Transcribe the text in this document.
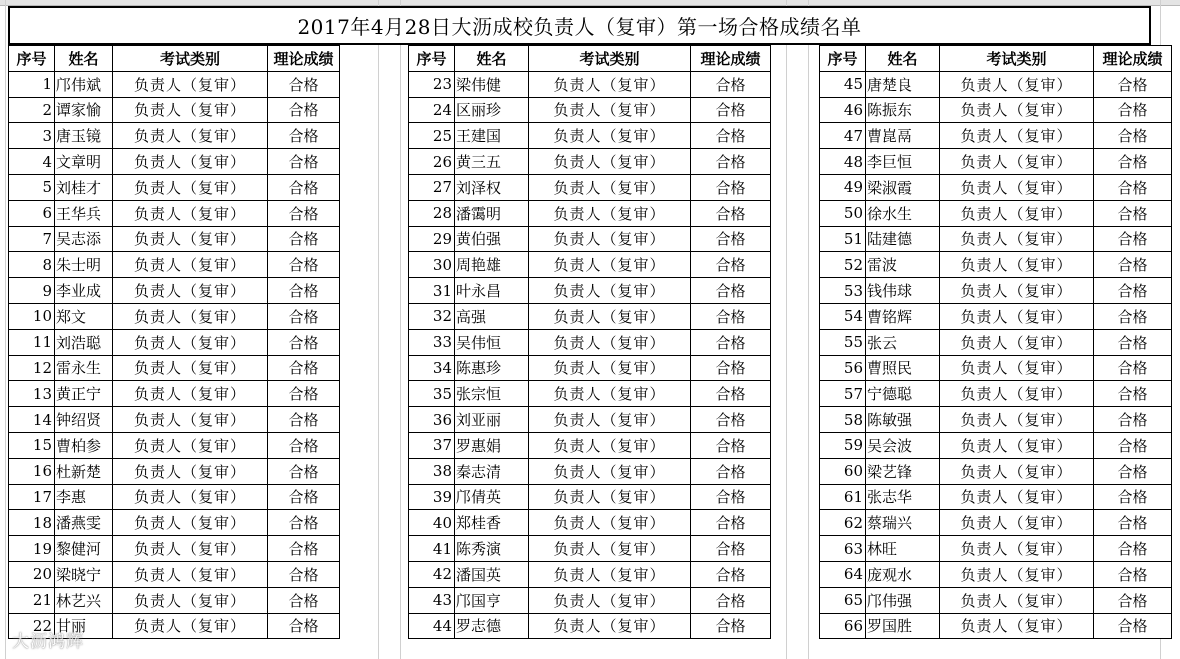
2017年4月28日大沥成校负责人（复审）第一场合格成绩名单
序号	姓名	考试类别	理论成绩
1	邝伟斌	负责人（复审）	合格
2	谭家愉	负责人（复审）	合格
3	唐玉镜	负责人（复审）	合格
4	文章明	负责人（复审）	合格
5	刘桂才	负责人（复审）	合格
6	王华兵	负责人（复审）	合格
7	吴志添	负责人（复审）	合格
8	朱士明	负责人（复审）	合格
9	李业成	负责人（复审）	合格
10	郑文	负责人（复审）	合格
11	刘浩聪	负责人（复审）	合格
12	雷永生	负责人（复审）	合格
13	黄正宁	负责人（复审）	合格
14	钟绍贤	负责人（复审）	合格
15	曹柏参	负责人（复审）	合格
16	杜新楚	负责人（复审）	合格
17	李惠	负责人（复审）	合格
18	潘燕雯	负责人（复审）	合格
19	黎健河	负责人（复审）	合格
20	梁晓宁	负责人（复审）	合格
21	林艺兴	负责人（复审）	合格
22	甘丽	负责人（复审）	合格
序号	姓名	考试类别	理论成绩
23	梁伟健	负责人（复审）	合格
24	区丽珍	负责人（复审）	合格
25	王建国	负责人（复审）	合格
26	黄三五	负责人（复审）	合格
27	刘泽权	负责人（复审）	合格
28	潘霭明	负责人（复审）	合格
29	黄伯强	负责人（复审）	合格
30	周艳雄	负责人（复审）	合格
31	叶永昌	负责人（复审）	合格
32	高强	负责人（复审）	合格
33	吴伟恒	负责人（复审）	合格
34	陈惠珍	负责人（复审）	合格
35	张宗恒	负责人（复审）	合格
36	刘亚丽	负责人（复审）	合格
37	罗惠娟	负责人（复审）	合格
38	秦志清	负责人（复审）	合格
39	邝倩英	负责人（复审）	合格
40	郑桂香	负责人（复审）	合格
41	陈秀演	负责人（复审）	合格
42	潘国英	负责人（复审）	合格
43	邝国亨	负责人（复审）	合格
44	罗志德	负责人（复审）	合格
序号	姓名	考试类别	理论成绩
45	唐楚良	负责人（复审）	合格
46	陈振东	负责人（复审）	合格
47	曹崑鬲	负责人（复审）	合格
48	李巨恒	负责人（复审）	合格
49	梁淑霞	负责人（复审）	合格
50	徐水生	负责人（复审）	合格
51	陆建德	负责人（复审）	合格
52	雷波	负责人（复审）	合格
53	钱伟球	负责人（复审）	合格
54	曹铭辉	负责人（复审）	合格
55	张云	负责人（复审）	合格
56	曹照民	负责人（复审）	合格
57	宁德聪	负责人（复审）	合格
58	陈敏强	负责人（复审）	合格
59	吴会波	负责人（复审）	合格
60	梁艺锋	负责人（复审）	合格
61	张志华	负责人（复审）	合格
62	蔡瑞兴	负责人（复审）	合格
63	林旺	负责人（复审）	合格
64	庞观水	负责人（复审）	合格
65	邝伟强	负责人（复审）	合格
66	罗国胜	负责人（复审）	合格
大沥鸿辉
